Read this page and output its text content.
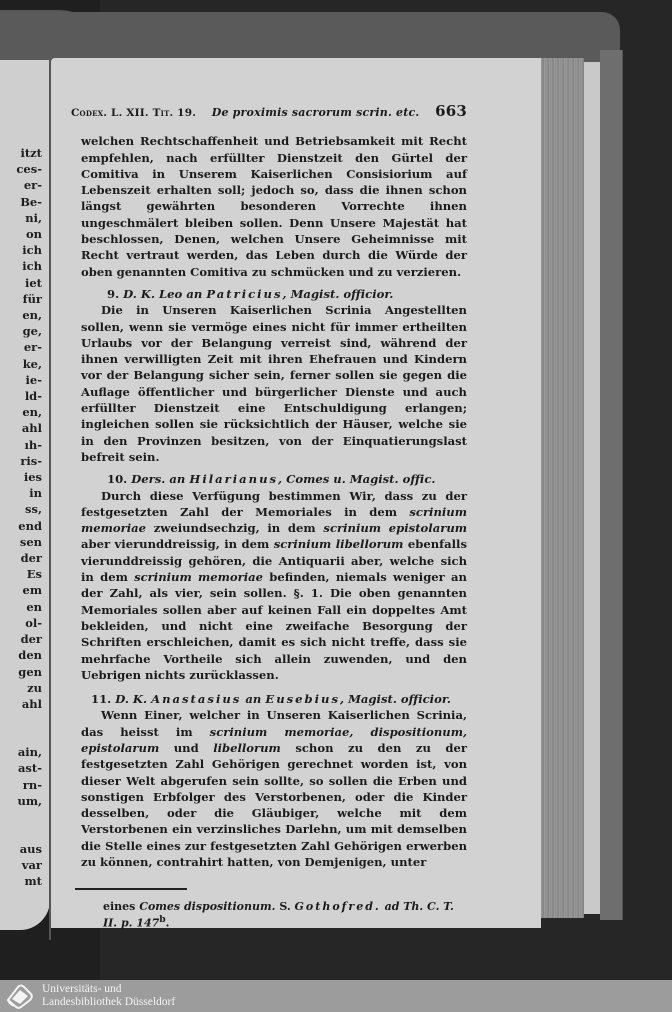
itzt
ces-
er-
Be-
ni,
on
ich
ich
iet
für
en,
ge,
er-
ke,
ie-
ld-
en,
ahl
ıh-
ris-
ies
in
ss,
end
sen
der
Es
em
en
ol-
der
den
gen
zu
ahl
ain,
ast-
rn-
um,
aus
var
mt
Codex. L. XII. Tit. 19. De proximis sacrorum scrin. etc. 663

welchen Rechtschaffenheit und Betriebsamkeit mit Recht empfehlen, nach erfüllter Dienstzeit den Gürtel der Comitiva in Unserem Kaiserlichen Consisiorium auf Lebenszeit erhalten soll; jedoch so, dass die ihnen schon längst gewährten besonderen Vorrechte ihnen ungeschmälert bleiben sollen. Denn Unsere Majestät hat beschlossen, Denen, welchen Unsere Geheimnisse mit Recht vertraut werden, das Leben durch die Würde der oben genannten Comitiva zu schmücken und zu verzieren.

9. D. K. Leo an Patricius, Magist. officior.

Die in Unseren Kaiserlichen Scrinia Angestellten sollen, wenn sie vermöge eines nicht für immer ertheilten Urlaubs vor der Belangung verreist sind, während der ihnen verwilligten Zeit mit ihren Ehefrauen und Kindern vor der Belangung sicher sein, ferner sollen sie gegen die Auflage öffentlicher und bürgerlicher Dienste und auch erfüllter Dienstzeit eine Entschuldigung erlangen; ingleichen sollen sie rücksichtlich der Häuser, welche sie in den Provinzen besitzen, von der Einquatierungslast befreit sein.

10. Ders. an Hilarianus, Comes u. Magist. offic.

Durch diese Verfügung bestimmen Wir, dass zu der festgesetzten Zahl der Memoriales in dem scrinium memoriae zweiundsechzig, in dem scrinium epistolarum aber vierunddreissig, in dem scrinium libellorum ebenfalls vierunddreissig gehören, die Antiquarii aber, welche sich in dem scrinium memoriae befinden, niemals weniger an der Zahl, als vier, sein sollen. §. 1. Die oben genannten Memoriales sollen aber auf keinen Fall ein doppeltes Amt bekleiden, und nicht eine zweifache Besorgung der Schriften erschleichen, damit es sich nicht treffe, dass sie mehrfache Vortheile sich allein zuwenden, und den Uebrigen nichts zurücklassen.

11. D. K. Anastasius an Eusebius, Magist. officior.

Wenn Einer, welcher in Unseren Kaiserlichen Scrinia, das heisst im scrinium memoriae, dispositionum, epistolarum und libellorum schon zu den zu der festgesetzten Zahl Gehörigen gerechnet worden ist, von dieser Welt abgerufen sein sollte, so sollen die Erben und sonstigen Erbfolger des Verstorbenen, oder die Kinder desselben, oder die Gläubiger, welche mit dem Verstorbenen ein verzinsliches Darlehn, um mit demselben die Stelle eines zur festgesetzten Zahl Gehörigen erwerben zu können, contrahirt hatten, von Demjenigen, unter

eines Comes dispositionum. S. Gothofred. ad Th. C. T.
II. p. 147$^b$.
Universitäts- und
Landesbibliothek Düsseldorf
